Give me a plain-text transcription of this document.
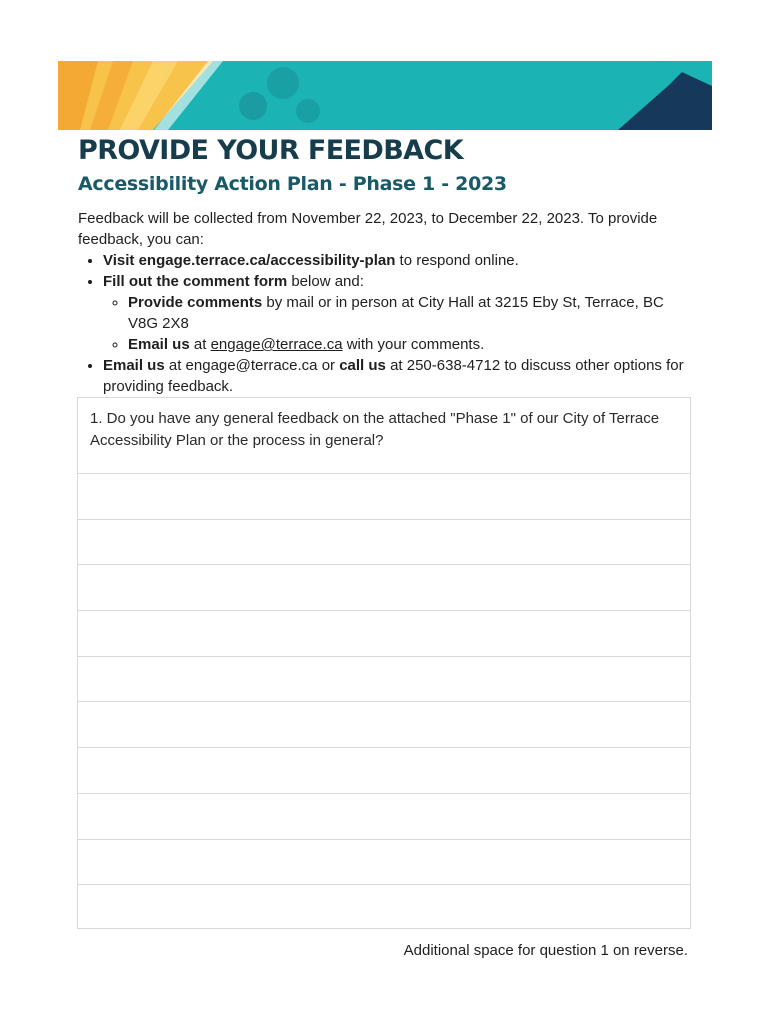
PROVIDE YOUR FEEDBACK
Accessibility Action Plan - Phase 1 - 2023

Feedback will be collected from November 22, 2023, to December 22, 2023. To provide feedback, you can:

• Visit engage.terrace.ca/accessibility-plan to respond online.
• Fill out the comment form below and:
◦ Provide comments by mail or in person at City Hall at 3215 Eby St, Terrace, BC V8G 2X8
◦ Email us at engage@terrace.ca with your comments.
• Email us at engage@terrace.ca or call us at 250-638-4712 to discuss other options for providing feedback.
1. Do you have any general feedback on the attached "Phase 1" of our City of Terrace Accessibility Plan or the process in general?
Additional space for question 1 on reverse.
